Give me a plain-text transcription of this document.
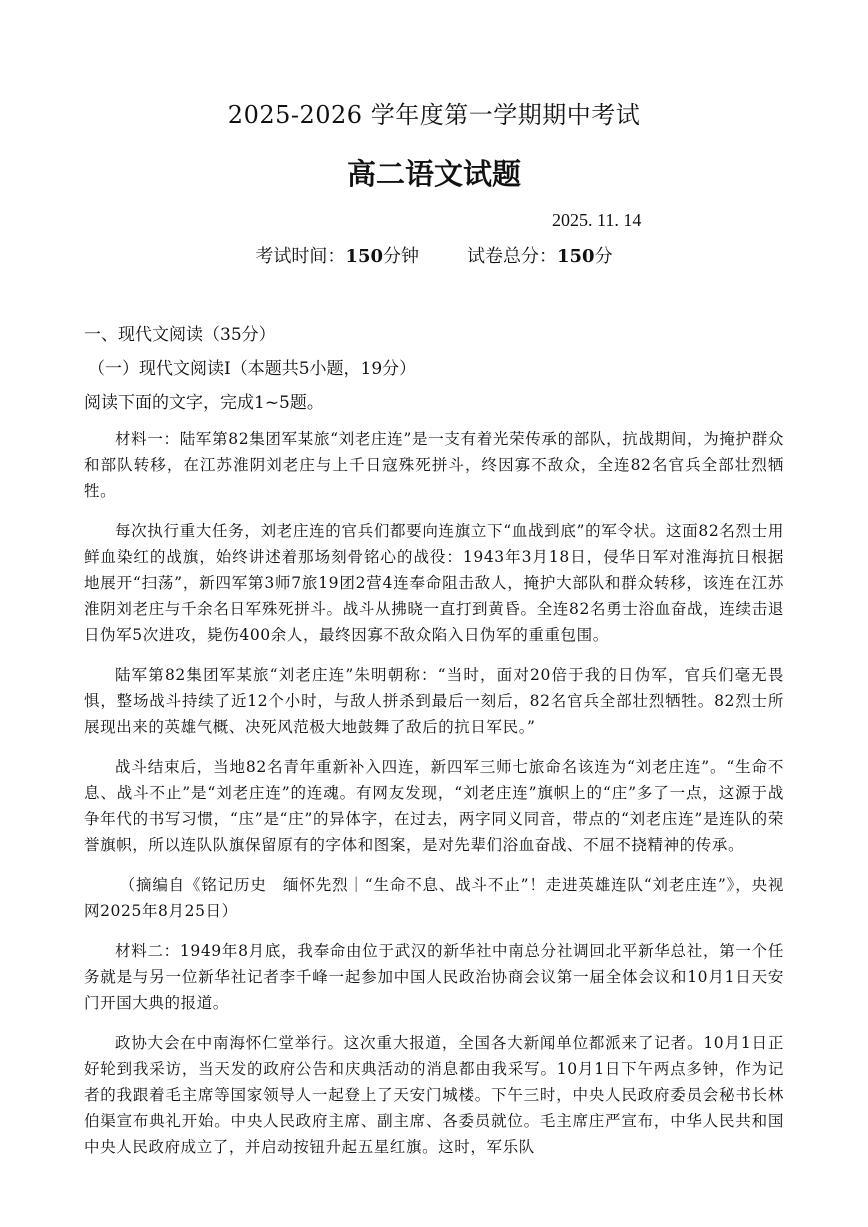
2025-2026 学年度第一学期期中考试
高二语文试题
2025. 11. 14
考试时间：150分钟	试卷总分：150分
一、现代文阅读（35分）
（一）现代文阅读Ⅰ（本题共5小题，19分）
阅读下面的文字，完成1~5题。

材料一：陆军第82集团军某旅“刘老庄连”是一支有着光荣传承的部队，抗战期间，为掩护群众和部队转移，在江苏淮阴刘老庄与上千日寇殊死拼斗，终因寡不敌众，全连82名官兵全部壮烈牺牲。

每次执行重大任务，刘老庄连的官兵们都要向连旗立下“血战到底”的军令状。这面82名烈士用鲜血染红的战旗，始终讲述着那场刻骨铭心的战役：1943年3月18日，侵华日军对淮海抗日根据地展开“扫荡”，新四军第3师7旅19团2营4连奉命阻击敌人，掩护大部队和群众转移，该连在江苏淮阴刘老庄与千余名日军殊死拼斗。战斗从拂晓一直打到黄昏。全连82名勇士浴血奋战，连续击退日伪军5次进攻，毙伤400余人，最终因寡不敌众陷入日伪军的重重包围。

陆军第82集团军某旅“刘老庄连”朱明朝称：“当时，面对20倍于我的日伪军，官兵们毫无畏惧，整场战斗持续了近12个小时，与敌人拼杀到最后一刻后，82名官兵全部壮烈牺牲。82烈士所展现出来的英雄气概、决死风范极大地鼓舞了敌后的抗日军民。”

战斗结束后，当地82名青年重新补入四连，新四军三师七旅命名该连为“刘老庄连”。“生命不息、战斗不止”是“刘老庄连”的连魂。有网友发现，“刘老庄连”旗帜上的“庄”多了一点，这源于战争年代的书写习惯，“庒”是“庄”的异体字，在过去，两字同义同音，带点的“刘老庒连”是连队的荣誉旗帜，所以连队队旗保留原有的字体和图案，是对先辈们浴血奋战、不屈不挠精神的传承。

（摘编自《铭记历史　缅怀先烈｜“生命不息、战斗不止”！走进英雄连队“刘老庄连”》，央视网2025年8月25日）

材料二：1949年8月底，我奉命由位于武汉的新华社中南总分社调回北平新华总社，第一个任务就是与另一位新华社记者李千峰一起参加中国人民政治协商会议第一届全体会议和10月1日天安门开国大典的报道。

政协大会在中南海怀仁堂举行。这次重大报道，全国各大新闻单位都派来了记者。10月1日正好轮到我采访，当天发的政府公告和庆典活动的消息都由我采写。10月1日下午两点多钟，作为记者的我跟着毛主席等国家领导人一起登上了天安门城楼。下午三时，中央人民政府委员会秘书长林伯渠宣布典礼开始。中央人民政府主席、副主席、各委员就位。毛主席庄严宣布，中华人民共和国中央人民政府成立了，并启动按钮升起五星红旗。这时，军乐队
